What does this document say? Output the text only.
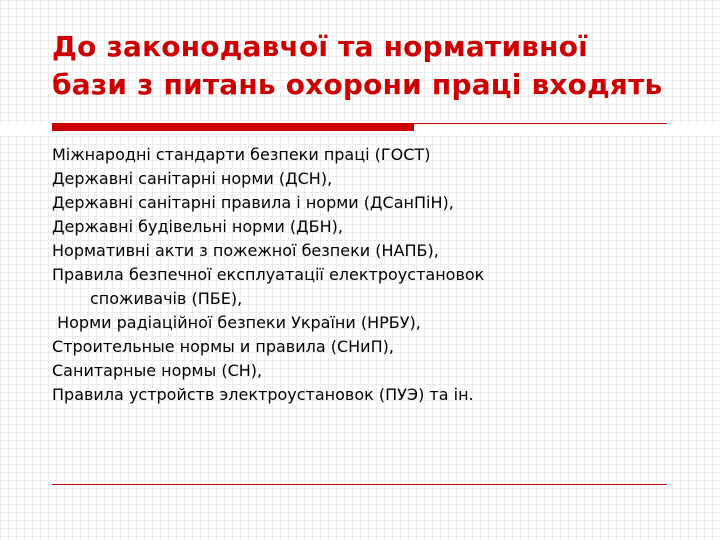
До законодавчої та нормативної бази з питань охорони праці входять
Міжнародні стандарти безпеки праці (ГОСТ)
Державні санітарні норми (ДСН),
Державні санітарні правила і норми (ДСанПіН),
Державні будівельні норми (ДБН),
Нормативні акти з пожежної безпеки (НАПБ),
Правила безпечної експлуатації електроустановок
споживачів (ПБЕ),
Норми радіаційної безпеки України (НРБУ),
Строительные нормы и правила (СНиП),
Санитарные нормы (СН),
Правила устройств электроустановок (ПУЭ) та ін.
